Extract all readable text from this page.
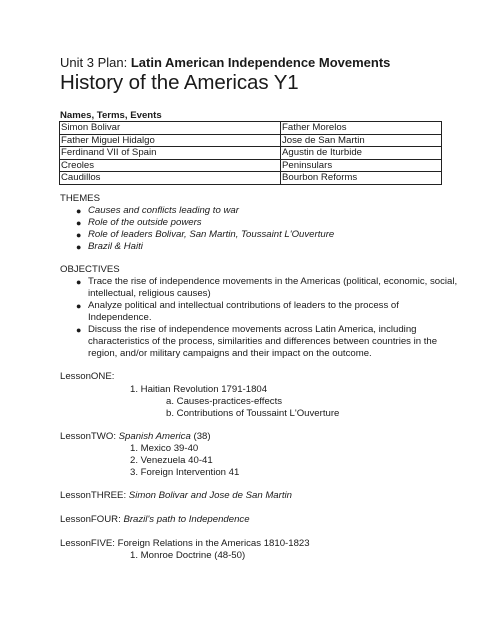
Unit 3 Plan: Latin American Independence Movements
History of the Americas Y1
Names, Terms, Events
Simon Bolivar	Father Morelos
Father Miguel Hidalgo	Jose de San Martin
Ferdinand VII of Spain	Agustin de Iturbide
Creoles	Peninsulars
Caudillos	Bourbon Reforms
THEMES
● Causes and conflicts leading to war
● Role of the outside powers
● Role of leaders Bolivar, San Martin, Toussaint L'Ouverture
● Brazil & Haiti
OBJECTIVES
● Trace the rise of independence movements in the Americas (political, economic, social,
intellectual, religious causes)
● Analyze political and intellectual contributions of leaders to the process of
Independence.
● Discuss the rise of independence movements across Latin America, including
characteristics of the process, similarities and differences between countries in the
region, and/or military campaigns and their impact on the outcome.
LessonONE:
1. Haitian Revolution 1791-1804
a. Causes-practices-effects
b. Contributions of Toussaint L'Ouverture
LessonTWO: Spanish America (38)
1. Mexico 39-40
2. Venezuela 40-41
3. Foreign Intervention 41
LessonTHREE: Simon Bolivar and Jose de San Martin
LessonFOUR: Brazil's path to Independence
LessonFIVE: Foreign Relations in the Americas 1810-1823
1. Monroe Doctrine (48-50)
